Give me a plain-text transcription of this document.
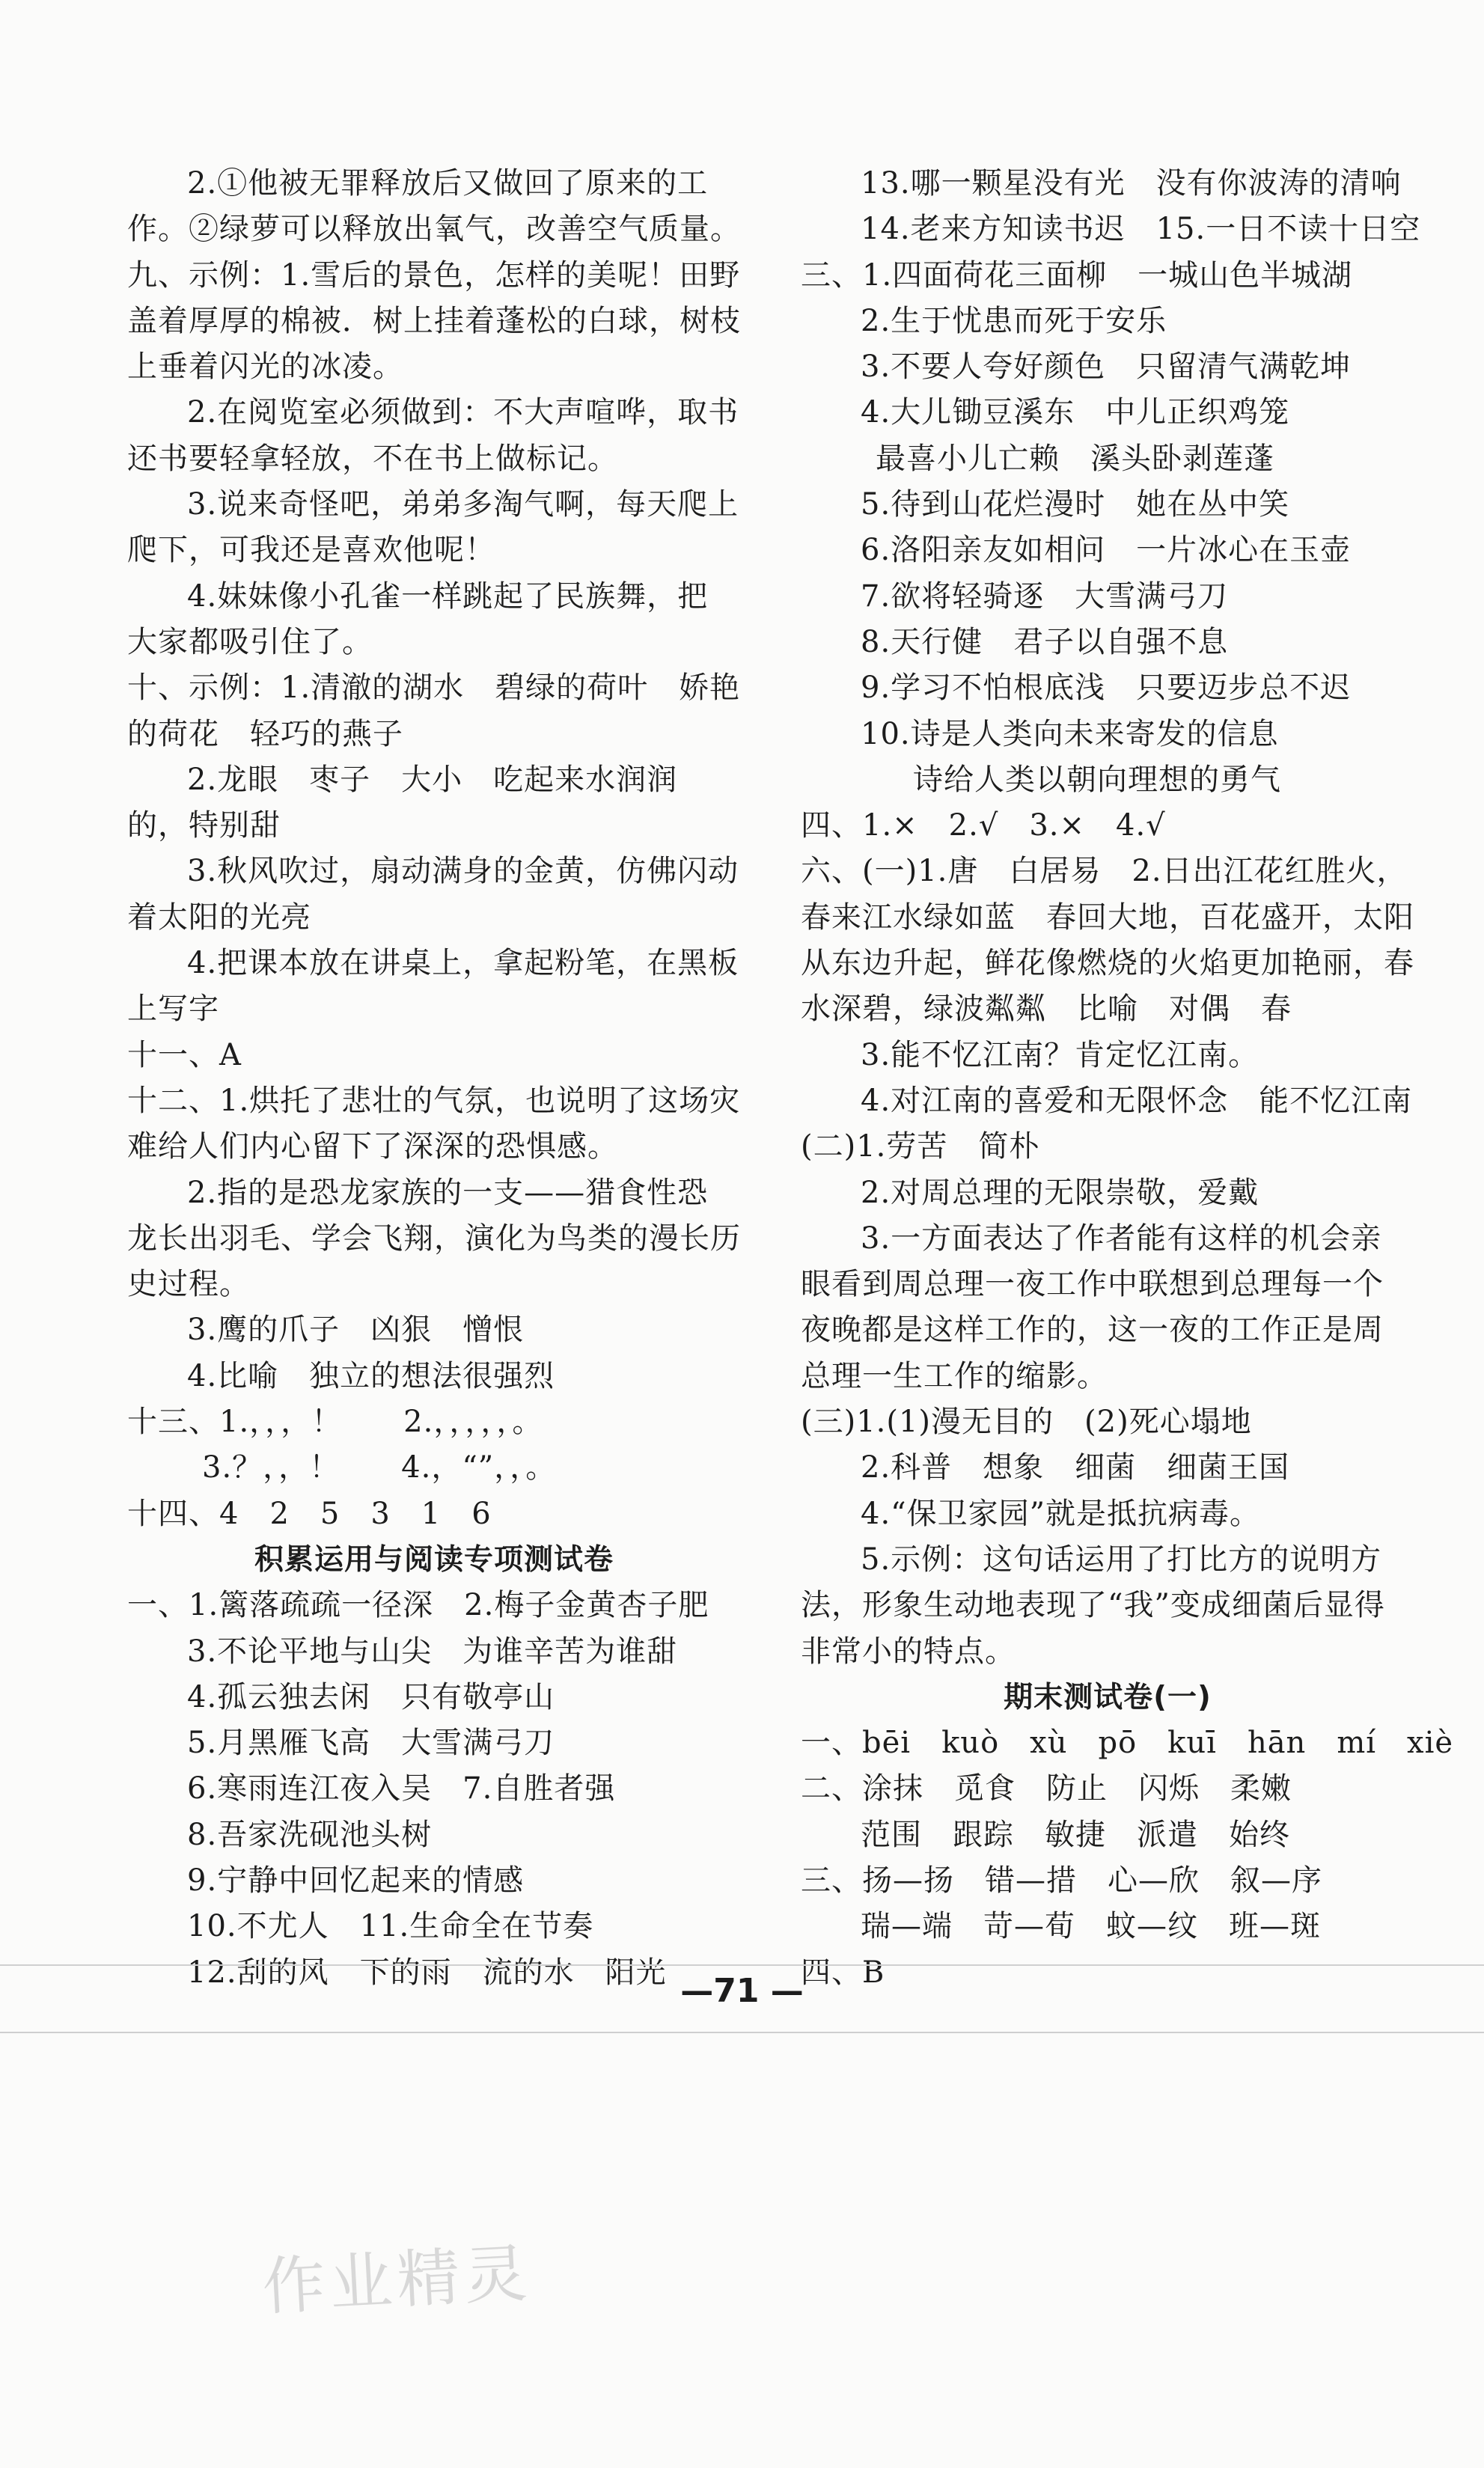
2.①他被无罪释放后又做回了原来的工
作。②绿萝可以释放出氧气，改善空气质量。
九、示例：1.雪后的景色，怎样的美呢！田野
盖着厚厚的棉被．树上挂着蓬松的白球，树枝
上垂着闪光的冰凌。
2.在阅览室必须做到：不大声喧哗，取书
还书要轻拿轻放，不在书上做标记。
3.说来奇怪吧，弟弟多淘气啊，每天爬上
爬下，可我还是喜欢他呢！
4.妹妹像小孔雀一样跳起了民族舞，把
大家都吸引住了。
十、示例：1.清澈的湖水　碧绿的荷叶　娇艳
的荷花　轻巧的燕子
2.龙眼　枣子　大小　吃起来水润润
的，特别甜
3.秋风吹过，扇动满身的金黄，仿佛闪动
着太阳的光亮
4.把课本放在讲桌上，拿起粉笔，在黑板
上写字
十一、A
十二、1.烘托了悲壮的气氛，也说明了这场灾
难给人们内心留下了深深的恐惧感。
2.指的是恐龙家族的一支——猎食性恐
龙长出羽毛、学会飞翔，演化为鸟类的漫长历
史过程。
3.鹰的爪子　凶狠　憎恨
4.比喻　独立的想法很强烈
十三、1.，，，！　　2.，，，，，。
3.？，，！　　4.，“”，，。
十四、4　2　5　3　1　6
积累运用与阅读专项测试卷
一、1.篱落疏疏一径深　2.梅子金黄杏子肥
3.不论平地与山尖　为谁辛苦为谁甜
4.孤云独去闲　只有敬亭山
5.月黑雁飞高　大雪满弓刀
6.寒雨连江夜入吴　7.自胜者强
8.吾家洗砚池头树
9.宁静中回忆起来的情感
10.不尤人　11.生命全在节奏
12.刮的风　下的雨　流的水　阳光
13.哪一颗星没有光　没有你波涛的清响
14.老来方知读书迟　15.一日不读十日空
三、1.四面荷花三面柳　一城山色半城湖
2.生于忧患而死于安乐
3.不要人夸好颜色　只留清气满乾坤
4.大儿锄豆溪东　中儿正织鸡笼
最喜小儿亡赖　溪头卧剥莲蓬
5.待到山花烂漫时　她在丛中笑
6.洛阳亲友如相问　一片冰心在玉壶
7.欲将轻骑逐　大雪满弓刀
8.天行健　君子以自强不息
9.学习不怕根底浅　只要迈步总不迟
10.诗是人类向未来寄发的信息
诗给人类以朝向理想的勇气
四、1.×　2.√　3.×　4.√
六、(一)1.唐　白居易　2.日出江花红胜火，
春来江水绿如蓝　春回大地，百花盛开，太阳
从东边升起，鲜花像燃烧的火焰更加艳丽，春
水深碧，绿波粼粼　比喻　对偶　春
3.能不忆江南？肯定忆江南。
4.对江南的喜爱和无限怀念　能不忆江南
(二)1.劳苦　简朴
2.对周总理的无限崇敬，爱戴
3.一方面表达了作者能有这样的机会亲
眼看到周总理一夜工作中联想到总理每一个
夜晚都是这样工作的，这一夜的工作正是周
总理一生工作的缩影。
(三)1.(1)漫无目的　(2)死心塌地
2.科普　想象　细菌　细菌王国
4.“保卫家园”就是抵抗病毒。
5.示例：这句话运用了打比方的说明方
法，形象生动地表现了“我”变成细菌后显得
非常小的特点。
期末测试卷(一)
一、bēi　kuò　xù　pō　kuī　hān　mí　xiè
二、涂抹　觅食　防止　闪烁　柔嫩
范围　跟踪　敏捷　派遣　始终
三、扬—扬　错—措　心—欣　叙—序
瑞—端　苛—荀　蚊—纹　班—斑
四、B
—71 —
作业精灵
